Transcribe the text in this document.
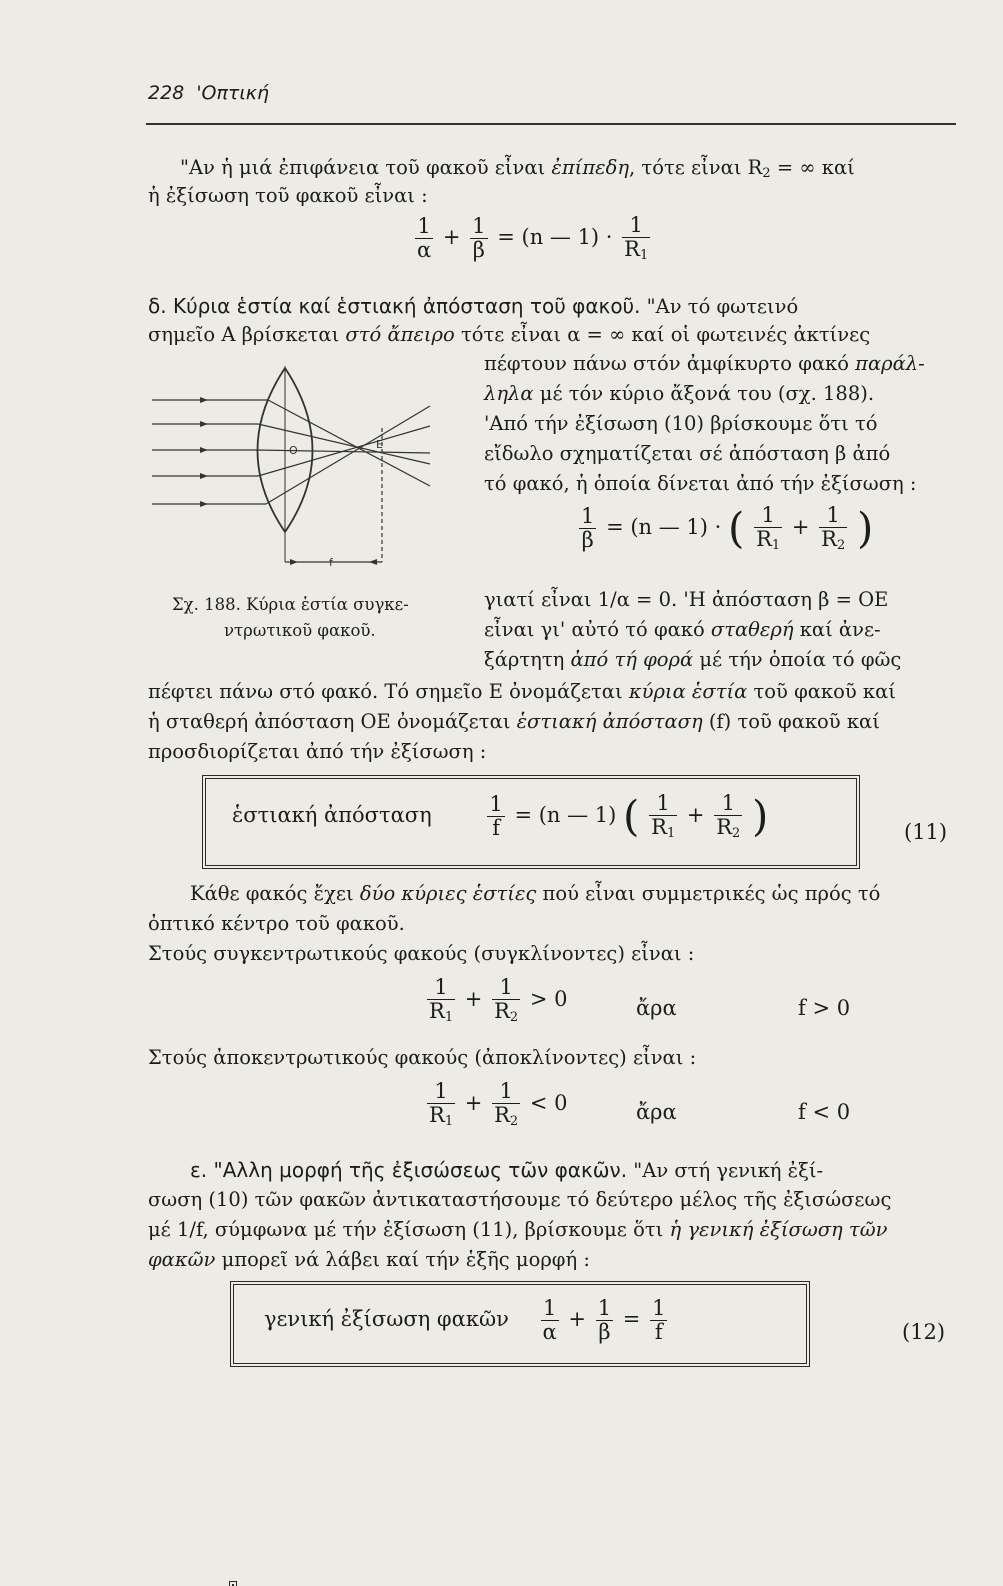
228 'Οπτική
"Αν ἡ μιά ἐπιφάνεια τοῦ φακοῦ εἶναι ἐπίπεδη, τότε εἶναι $R_2$ = ∞ καί
ἡ ἐξίσωση τοῦ φακοῦ εἶναι :
$\frac{1}{\alpha} + \frac{1}{\beta} = (n$ — $1) \cdot \frac{1}{R_1}$
δ. Κύρια ἑστία καί ἑστιακή ἀπόσταση τοῦ φακοῦ. "Αν τό φωτεινό
σημεῖο Α βρίσκεται στό ἄπειρο τότε εἶναι α = ∞ καί οἱ φωτεινές ἀκτίνες
πέφτουν πάνω στόν ἀμφίκυρτο φακό παράλ-
ληλα μέ τόν κύριο ἄξονά του (σχ. 188).
'Από τήν ἐξίσωση (10) βρίσκουμε ὅτι τό
εἴδωλο σχηματίζεται σέ ἀπόσταση β ἀπό
τό φακό, ἡ ὁποία δίνεται ἀπό τήν ἐξίσωση :
Ο	Ε
f
$\frac{1}{\beta} = (n$ — 1) · ( $\frac{1}{R_1} + \frac{1}{R_2}$ )
Σχ. 188. Κύρια ἑστία συγκε-
ντρωτικοῦ φακοῦ.
γιατί εἶναι 1/α = 0. 'Η ἀπόσταση β = ΟΕ
εἶναι γι' αὐτό τό φακό σταθερή καί ἀνε-
ξάρτητη ἀπό τή φορά μέ τήν ὁποία τό φῶς
πέφτει πάνω στό φακό. Τό σημεῖο Ε ὀνομάζεται κύρια ἑστία τοῦ φακοῦ καί
ἡ σταθερή ἀπόσταση ΟΕ ὀνομάζεται ἑστιακή ἀπόσταση (f) τοῦ φακοῦ καί
προσδιορίζεται ἀπό τήν ἐξίσωση :
ἑστιακή ἀπόσταση	$\frac{1}{f} = (n$ — 1) ( $\frac{1}{R_1} + \frac{1}{R_2}$ )	(11)
Κάθε φακός ἔχει δύο κύριες ἑστίες πού εἶναι συμμετρικές ὡς πρός τό
ὀπτικό κέντρο τοῦ φακοῦ.
Στούς συγκεντρωτικούς φακούς (συγκλίνοντες) εἶναι :
$\frac{1}{R_1} + \frac{1}{R_2} > 0$	ἄρα	f > 0
Στούς ἀποκεντρωτικούς φακούς (ἀποκλίνοντες) εἶναι :
$\frac{1}{R_1} + \frac{1}{R_2} < 0$	ἄρα	f < 0
ε. "Αλλη μορφή τῆς ἐξισώσεως τῶν φακῶν. "Αν στή γενική ἐξί-
σωση (10) τῶν φακῶν ἀντικαταστήσουμε τό δεύτερο μέλος τῆς ἐξισώσεως
μέ 1/f, σύμφωνα μέ τήν ἐξίσωση (11), βρίσκουμε ὅτι ἡ γενική ἐξίσωση τῶν
φακῶν μπορεῖ νά λάβει καί τήν ἑξῆς μορφή :
γενική ἐξίσωση φακῶν $\frac{1}{\alpha} + \frac{1}{\beta} = \frac{1}{f}$	(12)
